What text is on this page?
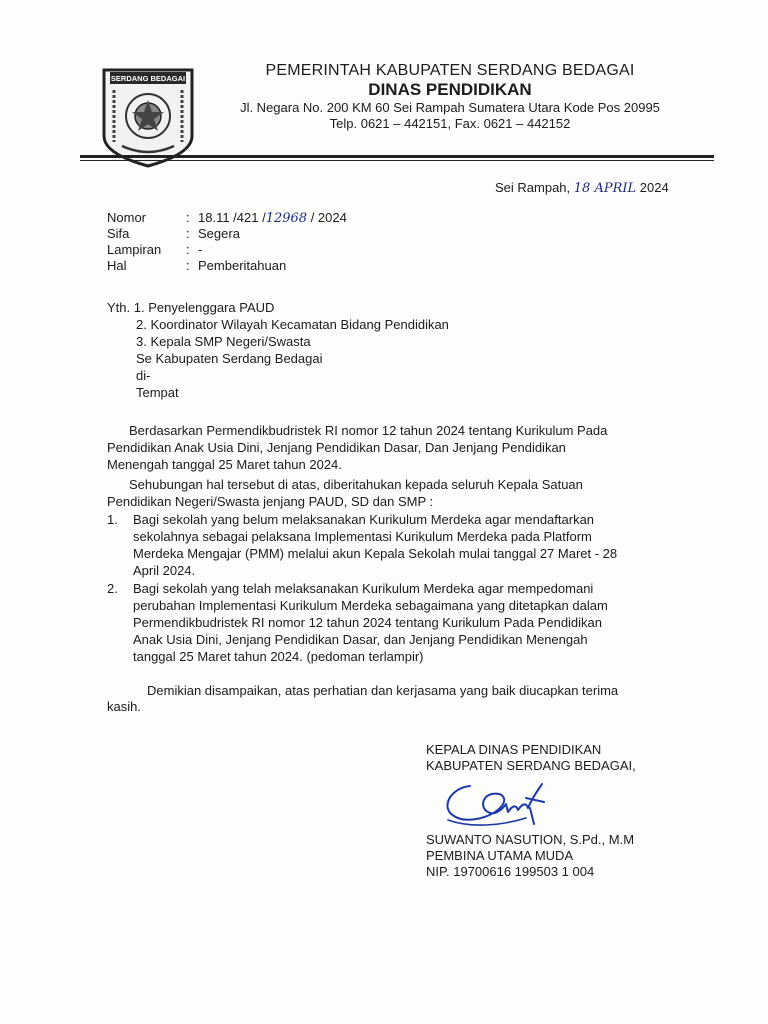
SERDANG BEDAGAI	PEMERINTAH KABUPATEN SERDANG BEDAGAI
DINAS PENDIDIKAN
Jl. Negara No. 200 KM 60 Sei Rampah Sumatera Utara Kode Pos 20995
Telp. 0621 – 442151, Fax. 0621 – 442152
Sei Rampah, 18 APRIL 2024
Nomor	: 18.11 /421 /12968 / 2024
Sifa	: Segera
Lampiran : -
Hal	: Pemberitahuan
Yth. 1. Penyelenggara PAUD
2. Koordinator Wilayah Kecamatan Bidang Pendidikan
3. Kepala SMP Negeri/Swasta
Se Kabupaten Serdang Bedagai
di-
Tempat
Berdasarkan Permendikbudristek RI nomor 12 tahun 2024 tentang Kurikulum Pada
Pendidikan Anak Usia Dini, Jenjang Pendidikan Dasar, Dan Jenjang Pendidikan
Menengah tanggal 25 Maret tahun 2024.
Sehubungan hal tersebut di atas, diberitahukan kepada seluruh Kepala Satuan
Pendidikan Negeri/Swasta jenjang PAUD, SD dan SMP :
1. Bagi sekolah yang belum melaksanakan Kurikulum Merdeka agar mendaftarkan
sekolahnya sebagai pelaksana Implementasi Kurikulum Merdeka pada Platform
Merdeka Mengajar (PMM) melalui akun Kepala Sekolah mulai tanggal 27 Maret - 28
April 2024.
2. Bagi sekolah yang telah melaksanakan Kurikulum Merdeka agar mempedomani
perubahan Implementasi Kurikulum Merdeka sebagaimana yang ditetapkan dalam
Permendikbudristek RI nomor 12 tahun 2024 tentang Kurikulum Pada Pendidikan
Anak Usia Dini, Jenjang Pendidikan Dasar, dan Jenjang Pendidikan Menengah
tanggal 25 Maret tahun 2024. (pedoman terlampir)
Demikian disampaikan, atas perhatian dan kerjasama yang baik diucapkan terima
kasih.
KEPALA DINAS PENDIDIKAN
KABUPATEN SERDANG BEDAGAI,
SUWANTO NASUTION, S.Pd., M.M
PEMBINA UTAMA MUDA
NIP. 19700616 199503 1 004
